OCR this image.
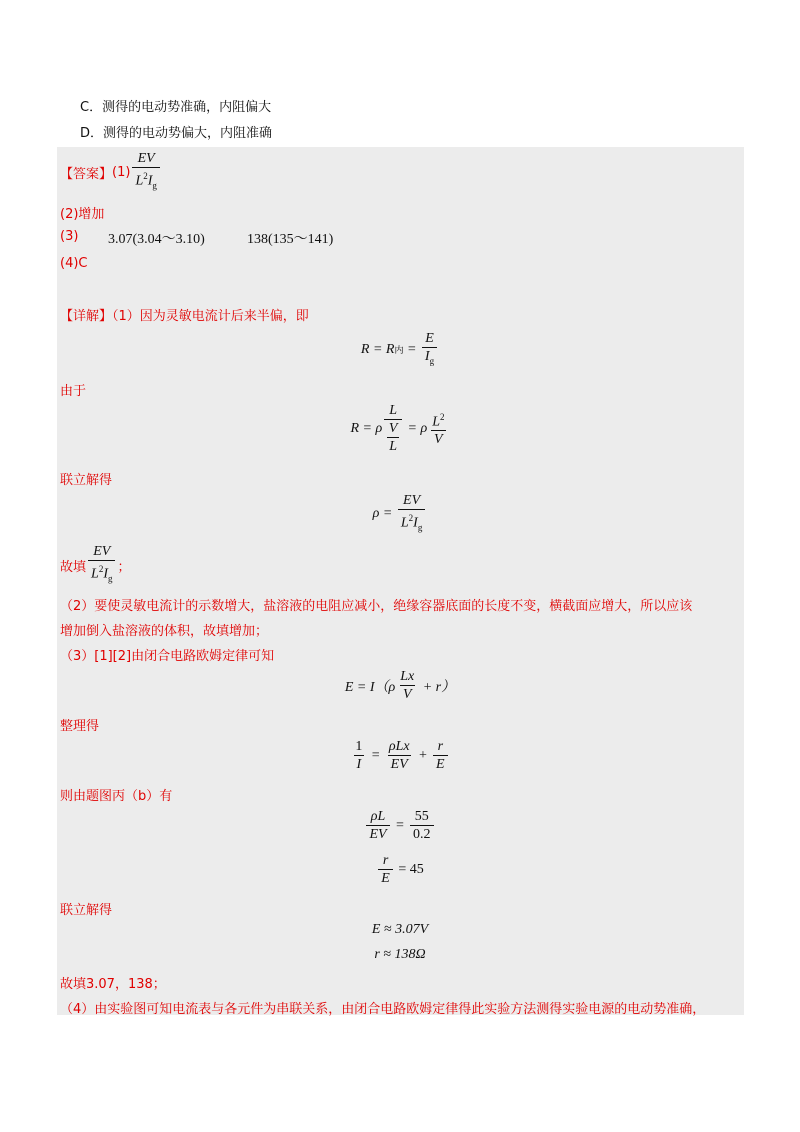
C．测得的电动势准确，内阻偏大
D．测得的电动势偏大，内阻准确
【答案】 $(1) \frac{EV}{L^2I_g}$
(2)增加
(3) 3.07(3.04～3.10)	138(135～141)
(4)C
【详解】（1）因为灵敏电流计后来半偏，即
R = R 内 = $\frac{E}{I_g}$
由于
R = ρ L
V
L = ρ $\frac{L^2}{V}$
联立解得
$\rho = \frac{EV}{L^2I_g}$
故填 $\frac{EV}{L^2I_g}$ ；
（2）要使灵敏电流计的示数增大，盐溶液的电阻应减小，绝缘容器底面的长度不变，横截面应增大，所以应该
增加倒入盐溶液的体积，故填增加；
（3）[1][2]由闭合电路欧姆定律可知
$E = I(\rho \frac{Lx}{V} + r)$
整理得
$\frac{1}{I} = \frac{\text{ρLx}}{EV} + \frac{r}{E}$
则由题图丙（b）有
$\frac{\rho L}{EV} = \frac{55}{0.2}$
$\frac{r}{E} = 45$
联立解得
E ≈ 3.07V
r ≈ 138Ω
故填3.07，138；
（4）由实验图可知电流表与各元件为串联关系，由闭合电路欧姆定律得此实验方法测得实验电源的电动势准确，
